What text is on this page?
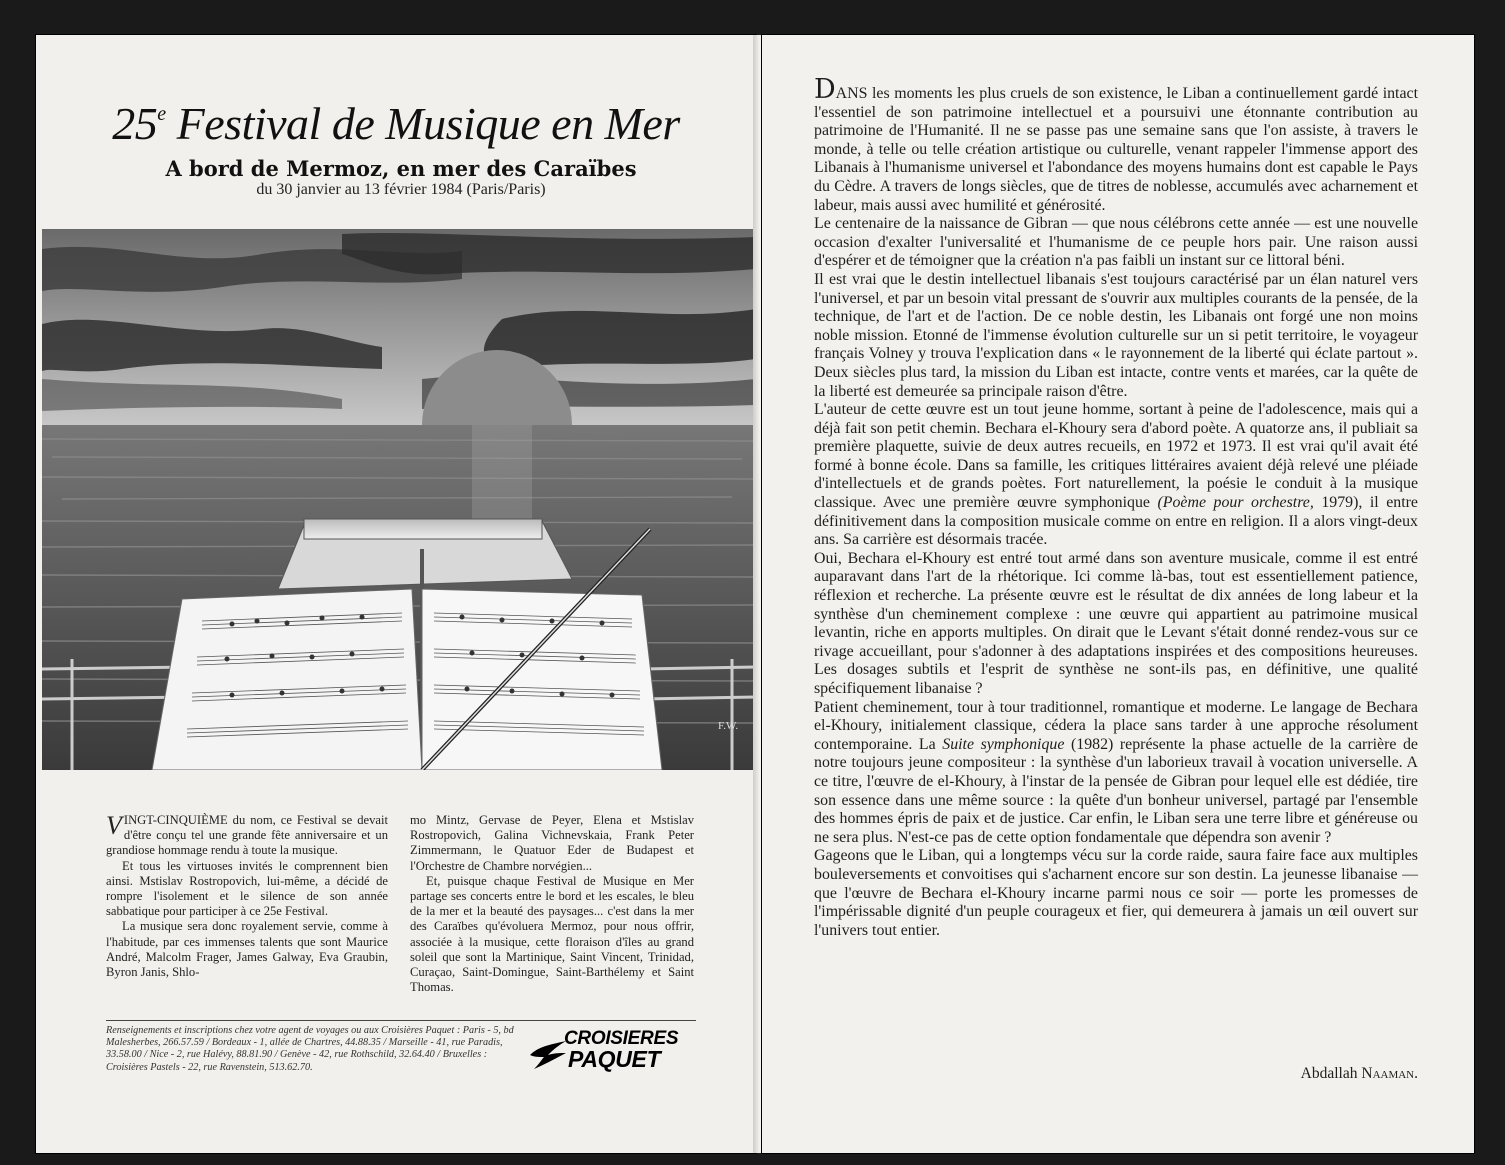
25e Festival de Musique en Mer
A bord de Mermoz, en mer des Caraïbes
du 30 janvier au 13 février 1984 (Paris/Paris)
F.W.

VINGT-CINQUIÈME du nom, ce Festival se devait d'être conçu tel une grande fête anniversaire et un grandiose hommage rendu à toute la musique.

Et tous les virtuoses invités le comprennent bien ainsi. Mstislav Rostropovich, lui-même, a décidé de rompre l'isolement et le silence de son année sabbatique pour participer à ce 25e Festival.

La musique sera donc royalement servie, comme à l'habitude, par ces immenses talents que sont Maurice André, Malcolm Frager, James Galway, Eva Graubin, Byron Janis, Shlo-

mo Mintz, Gervase de Peyer, Elena et Mstislav Rostropovich, Galina Vichnevskaia, Frank Peter Zimmermann, le Quatuor Eder de Budapest et l'Orchestre de Chambre norvégien...

Et, puisque chaque Festival de Musique en Mer partage ses concerts entre le bord et les escales, le bleu de la mer et la beauté des paysages... c'est dans la mer des Caraïbes qu'évoluera Mermoz, pour nous offrir, associée à la musique, cette floraison d'îles au grand soleil que sont la Martinique, Saint Vincent, Trinidad, Curaçao, Saint-Domingue, Saint-Barthélemy et Saint Thomas.

Renseignements et inscriptions chez votre agent de voyages ou aux Croisières Paquet : Paris - 5, bd Malesherbes, 266.57.59 / Bordeaux - 1, allée de Chartres, 44.88.35 / Marseille - 41, rue Paradis, 33.58.00 / Nice - 2, rue Halévy, 88.81.90 / Genève - 42, rue Rothschild, 32.64.40 / Bruxelles : Croisières Pastels - 22, rue Ravenstein, 513.62.70.
CROISIERES
PAQUET

DANS les moments les plus cruels de son existence, le Liban a continuellement gardé intact l'essentiel de son patrimoine intellectuel et a poursuivi une étonnante contribution au patrimoine de l'Humanité. Il ne se passe pas une semaine sans que l'on assiste, à travers le monde, à telle ou telle création artistique ou culturelle, venant rappeler l'immense apport des Libanais à l'humanisme universel et l'abondance des moyens humains dont est capable le Pays du Cèdre. A travers de longs siècles, que de titres de noblesse, accumulés avec acharnement et labeur, mais aussi avec humilité et générosité.

Le centenaire de la naissance de Gibran — que nous célébrons cette année — est une nouvelle occasion d'exalter l'universalité et l'humanisme de ce peuple hors pair. Une raison aussi d'espérer et de témoigner que la création n'a pas faibli un instant sur ce littoral béni.

Il est vrai que le destin intellectuel libanais s'est toujours caractérisé par un élan naturel vers l'universel, et par un besoin vital pressant de s'ouvrir aux multiples courants de la pensée, de la technique, de l'art et de l'action. De ce noble destin, les Libanais ont forgé une non moins noble mission. Etonné de l'immense évolution culturelle sur un si petit territoire, le voyageur français Volney y trouva l'explication dans « le rayonnement de la liberté qui éclate partout ». Deux siècles plus tard, la mission du Liban est intacte, contre vents et marées, car la quête de la liberté est demeurée sa principale raison d'être.

L'auteur de cette œuvre est un tout jeune homme, sortant à peine de l'adolescence, mais qui a déjà fait son petit chemin. Bechara el-Khoury sera d'abord poète. A quatorze ans, il publiait sa première plaquette, suivie de deux autres recueils, en 1972 et 1973. Il est vrai qu'il avait été formé à bonne école. Dans sa famille, les critiques littéraires avaient déjà relevé une pléiade d'intellectuels et de grands poètes. Fort naturellement, la poésie le conduit à la musique classique. Avec une première œuvre symphonique (Poème pour orchestre, 1979), il entre définitivement dans la composition musicale comme on entre en religion. Il a alors vingt-deux ans. Sa carrière est désormais tracée.

Oui, Bechara el-Khoury est entré tout armé dans son aventure musicale, comme il est entré auparavant dans l'art de la rhétorique. Ici comme là-bas, tout est essentiellement patience, réflexion et recherche. La présente œuvre est le résultat de dix années de long labeur et la synthèse d'un cheminement complexe : une œuvre qui appartient au patrimoine musical levantin, riche en apports multiples. On dirait que le Levant s'était donné rendez-vous sur ce rivage accueillant, pour s'adonner à des adaptations inspirées et des compositions heureuses. Les dosages subtils et l'esprit de synthèse ne sont-ils pas, en définitive, une qualité spécifiquement libanaise ?

Patient cheminement, tour à tour traditionnel, romantique et moderne. Le langage de Bechara el-Khoury, initialement classique, céderа la place sans tarder à une approche résolument contemporaine. La Suite symphonique (1982) représente la phase actuelle de la carrière de notre toujours jeune compositeur : la synthèse d'un laborieux travail à vocation universelle. A ce titre, l'œuvre de el-Khoury, à l'instar de la pensée de Gibran pour lequel elle est dédiée, tire son essence dans une même source : la quête d'un bonheur universel, partagé par l'ensemble des hommes épris de paix et de justice. Car enfin, le Liban sera une terre libre et généreuse ou ne sera plus. N'est-ce pas de cette option fondamentale que dépendra son avenir ?

Gageons que le Liban, qui a longtemps vécu sur la corde raide, saura faire face aux multiples bouleversements et convoitises qui s'acharnent encore sur son destin. La jeunesse libanaise — que l'œuvre de Bechara el-Khoury incarne parmi nous ce soir — porte les promesses de l'impérissable dignité d'un peuple courageux et fier, qui demeurera à jamais un œil ouvert sur l'univers tout entier.

Abdallah Naaman.
